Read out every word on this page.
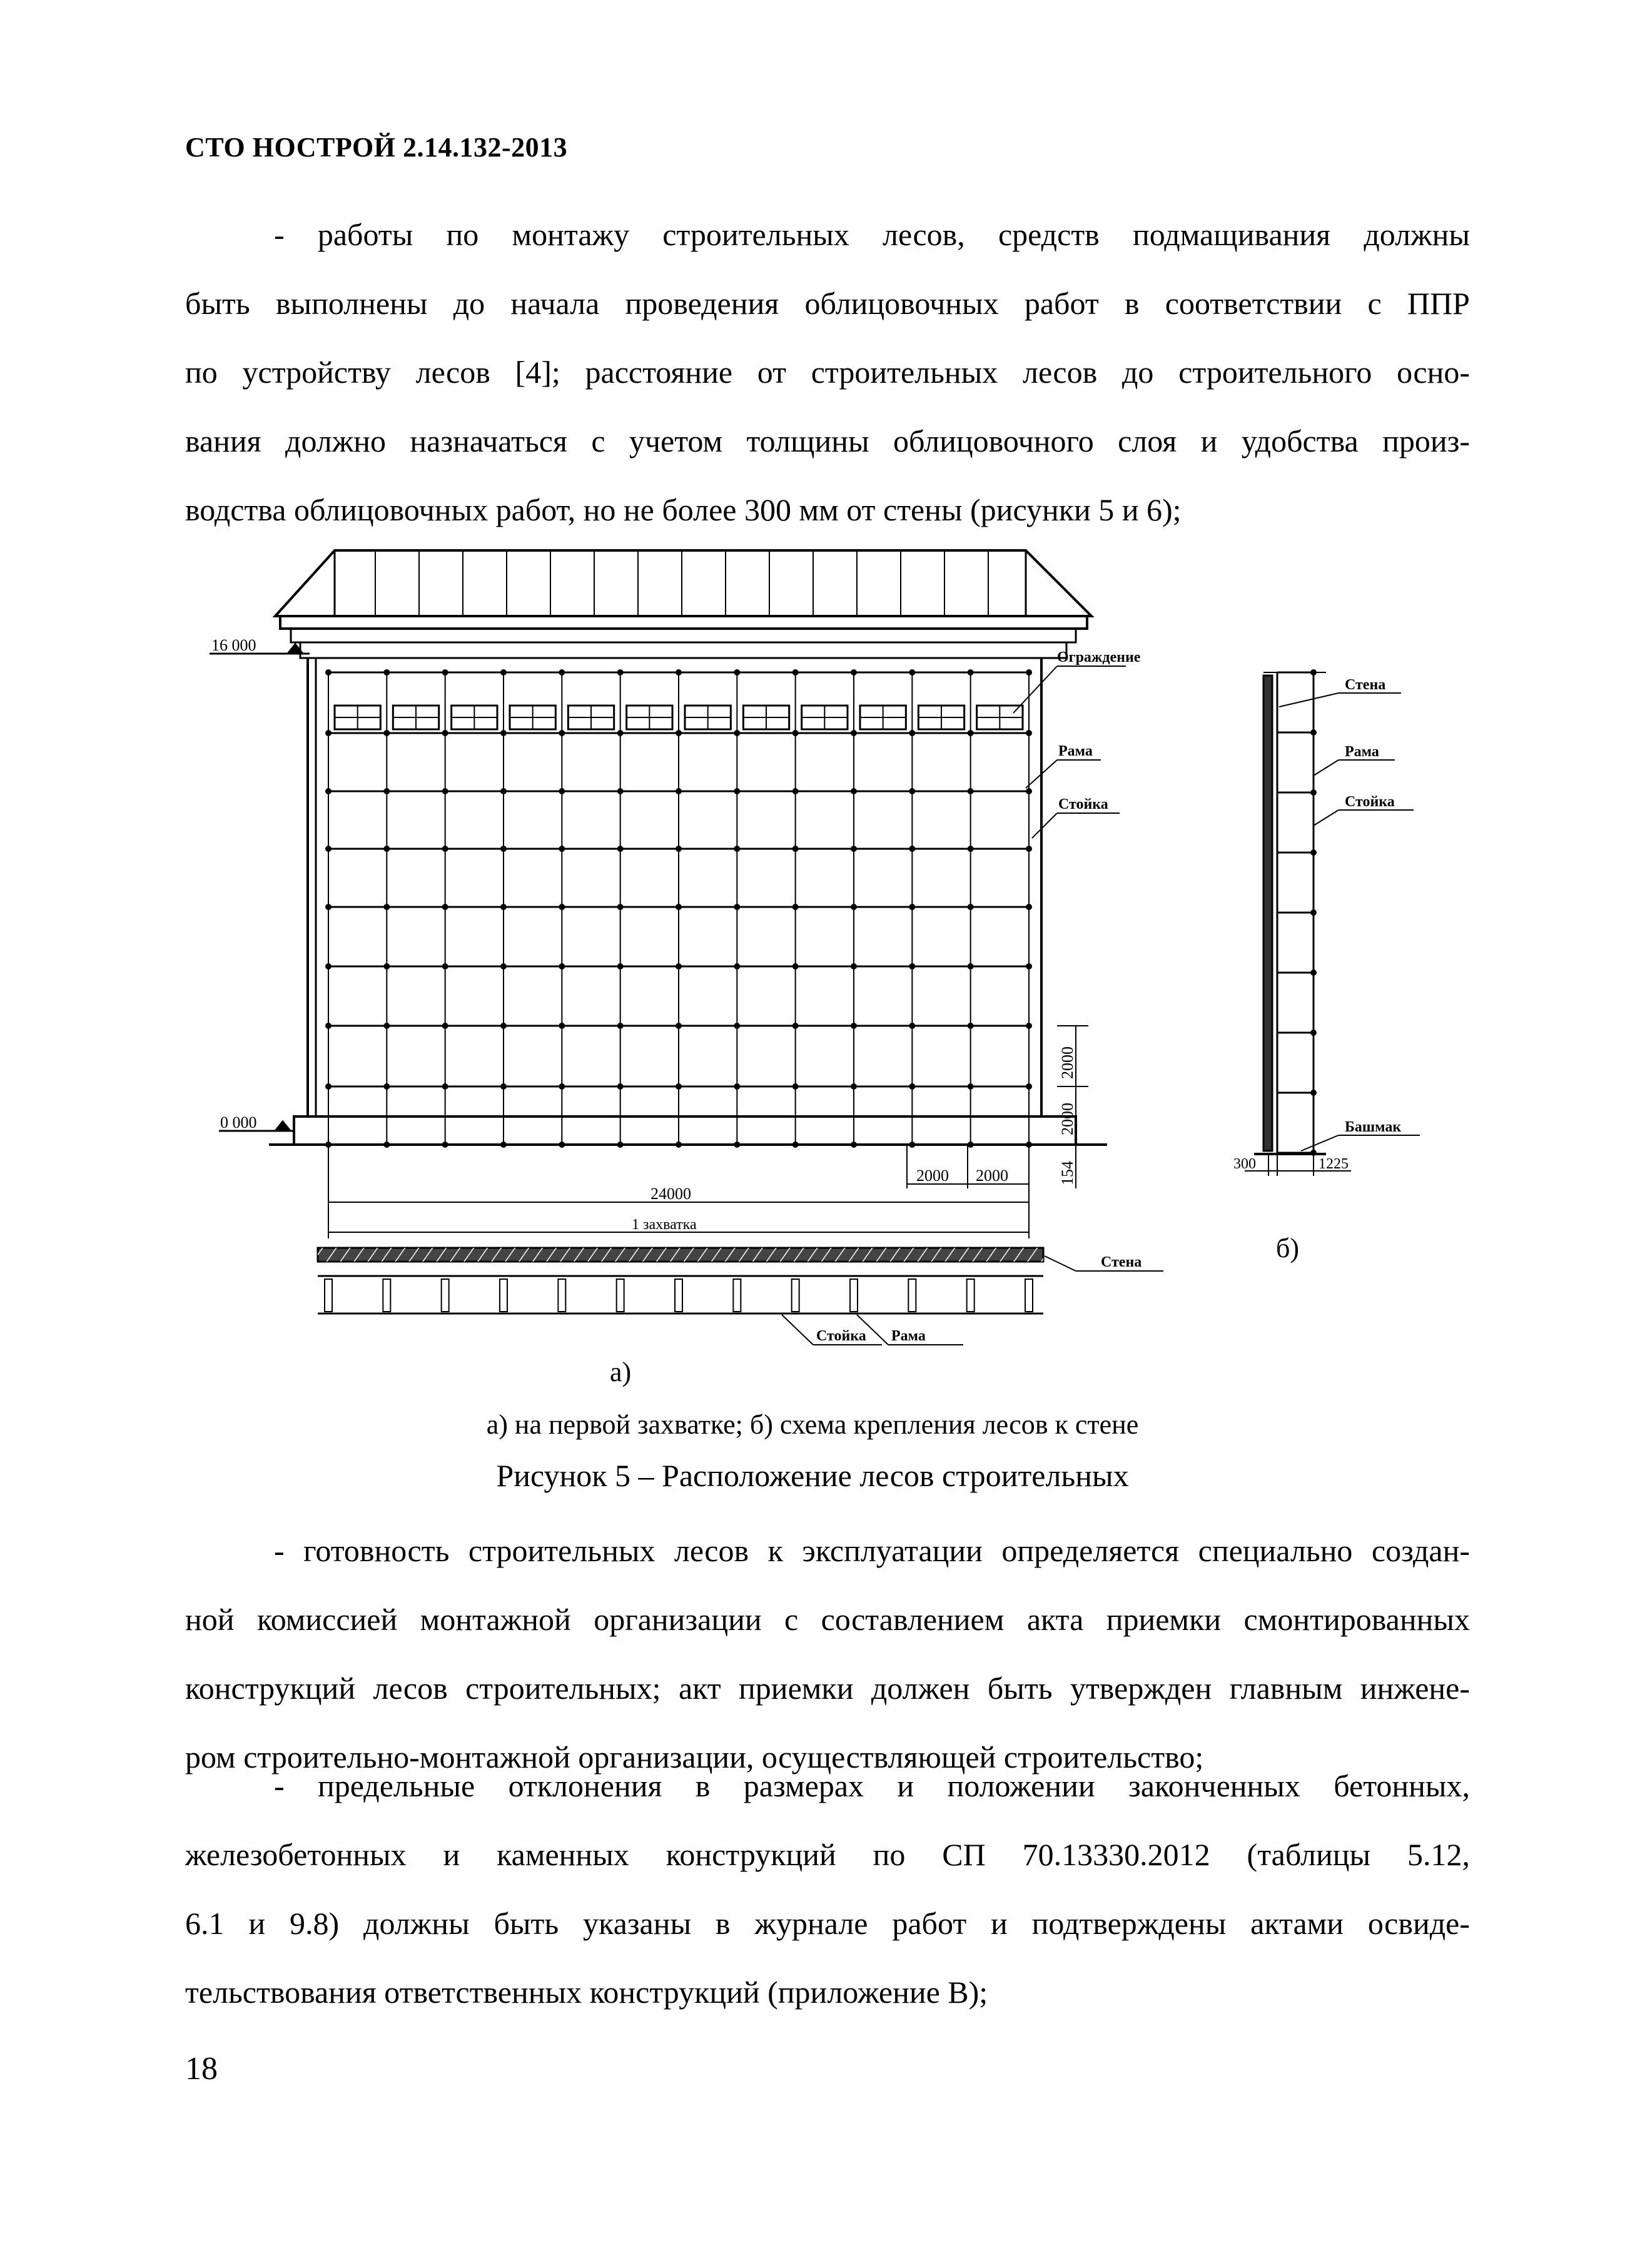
СТО НОСТРОЙ 2.14.132-2013
- работы по монтажу строительных лесов, средств подмащивания должны
быть выполнены до начала проведения облицовочных работ в соответствии с ППР
по устройству лесов [4]; расстояние от строительных лесов до строительного осно-
вания должно назначаться с учетом толщины облицовочного слоя и удобства произ-
водства облицовочных работ, но не более 300 мм от стены (рисунки 5 и 6);
16 000
0 000
Ограждение
Рама
Стойка
2000 2000	154
2000
2000
24000
1 захватка
Стена
Стойка Рама
а)
Стена
Рама
Стойка
Башмак
300	1225
б)
а) на первой захватке; б) схема крепления лесов к стене
Рисунок 5 – Расположение лесов строительных
- готовность строительных лесов к эксплуатации определяется специально создан-
ной комиссией монтажной организации с составлением акта приемки смонтированных
конструкций лесов строительных; акт приемки должен быть утвержден главным инжене-
ром строительно-монтажной организации, осуществляющей строительство;
- предельные отклонения в размерах и положении законченных бетонных,
железобетонных и каменных конструкций по СП 70.13330.2012 (таблицы 5.12,
6.1 и 9.8) должны быть указаны в журнале работ и подтверждены актами освиде-
тельствования ответственных конструкций (приложение В);
18
